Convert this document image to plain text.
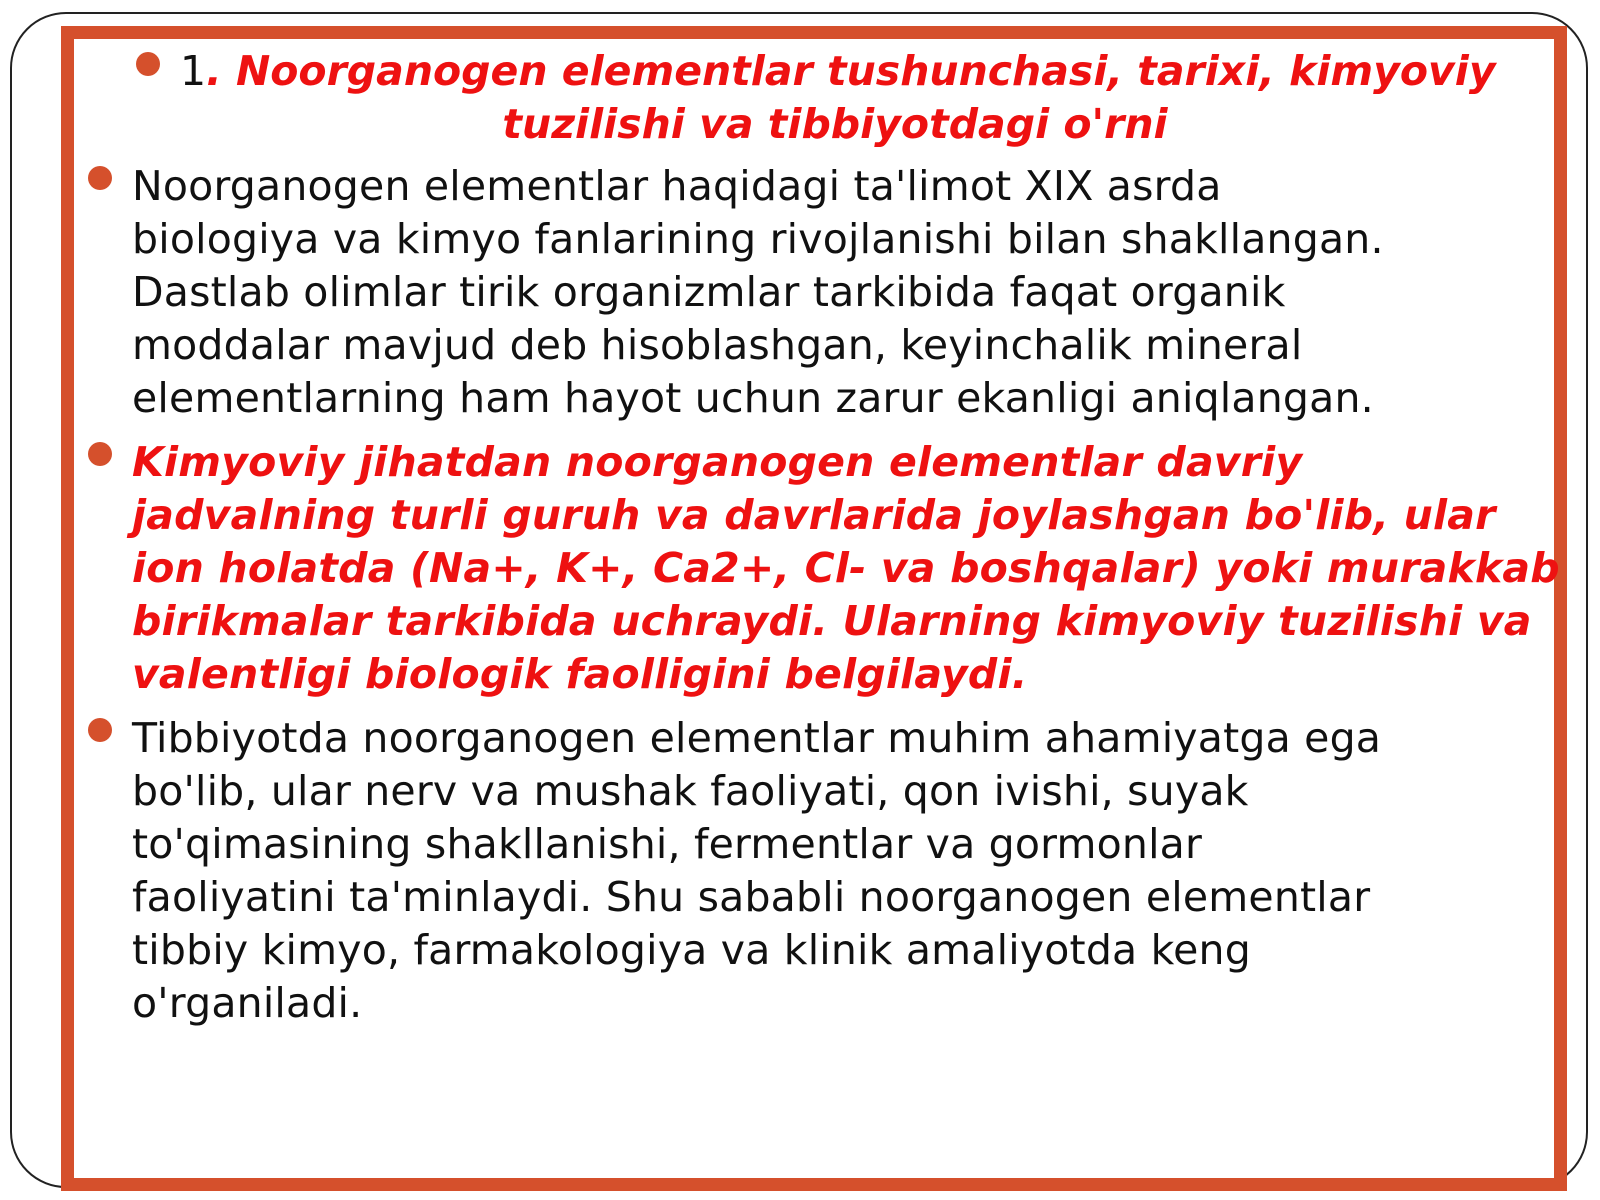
1. Noorganogen elementlar tushunchasi, tarixi, kimyoviy
tuzilishi va tibbiyotdagi o'rni
Noorganogen elementlar haqidagi ta'limot XIX asrda
biologiya va kimyo fanlarining rivojlanishi bilan shakllangan.
Dastlab olimlar tirik organizmlar tarkibida faqat organik
moddalar mavjud deb hisoblashgan, keyinchalik mineral
elementlarning ham hayot uchun zarur ekanligi aniqlangan.
Kimyoviy jihatdan noorganogen elementlar davriy
jadvalning turli guruh va davrlarida joylashgan bo'lib, ular
ion holatda (Na+, K+, Ca2+, Cl- va boshqalar) yoki murakkab
birikmalar tarkibida uchraydi. Ularning kimyoviy tuzilishi va
valentligi biologik faolligini belgilaydi.
Tibbiyotda noorganogen elementlar muhim ahamiyatga ega
bo'lib, ular nerv va mushak faoliyati, qon ivishi, suyak
to'qimasining shakllanishi, fermentlar va gormonlar
faoliyatini ta'minlaydi. Shu sababli noorganogen elementlar
tibbiy kimyo, farmakologiya va klinik amaliyotda keng
o'rganiladi.
